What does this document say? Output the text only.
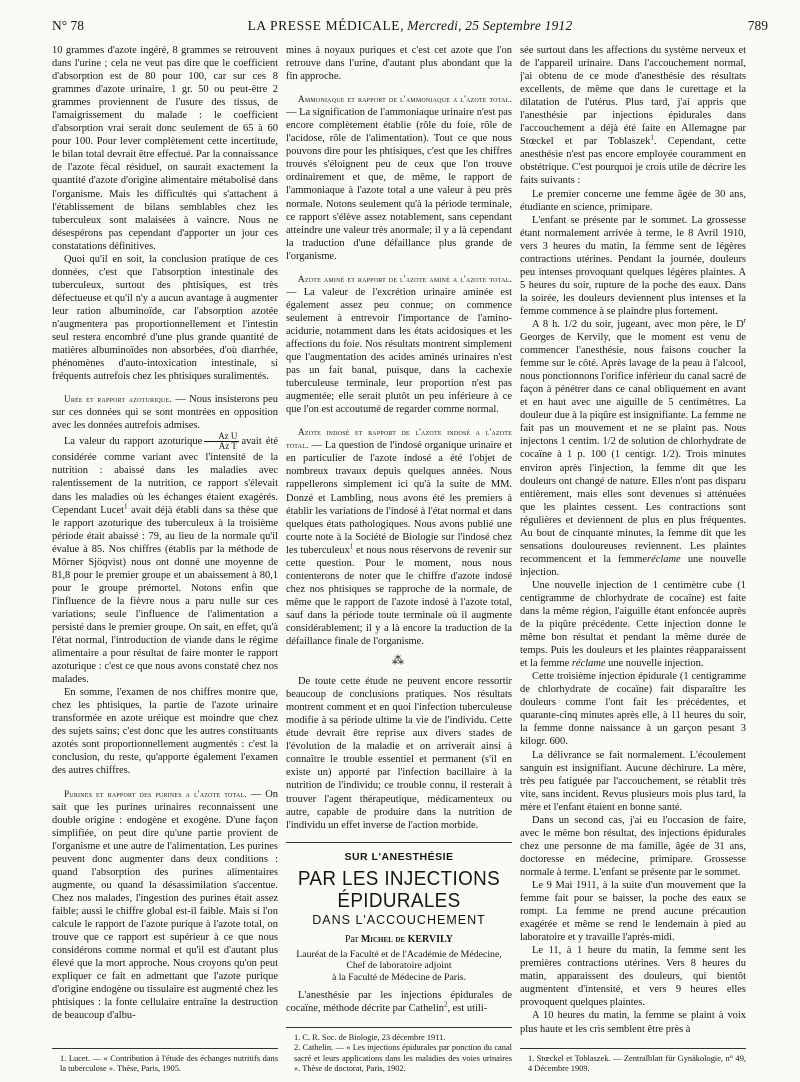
N° 78	LA PRESSE MÉDICALE, Mercredi, 25 Septembre 1912	789

10 grammes d'azote ingéré, 8 grammes se retrouvent dans l'urine ; cela ne veut pas dire que le coefficient d'absorption est de 80 pour 100, car sur ces 8 grammes d'azote urinaire, 1 gr. 50 ou peut-être 2 grammes proviennent de l'usure des tissus, de l'amaigrissement du malade : le coefficient d'absorption vrai serait donc seulement de 65 à 60 pour 100. Pour lever complètement cette incertitude, le bilan total devrait être effectué. Par la connaissance de l'azote fécal résiduel, on saurait exactement la quantité d'azote d'origine alimentaire métabolisé dans l'organisme. Mais les difficultés qui s'attachent à l'établissement de bilans semblables chez les tuberculeux sont malaisées à vaincre. Nous ne désespérons pas cependant d'apporter un jour ces constatations définitives.

Quoi qu'il en soit, la conclusion pratique de ces données, c'est que l'absorption intestinale des tuberculeux, surtout des phtisiques, est très défectueuse et qu'il n'y a aucun avantage à augmenter leur ration albuminoïde, car l'absorption azotée n'augmentera pas proportionnellement et l'intestin seul restera encombré d'une plus grande quantité de matières albuminoïdes non absorbées, d'où diarrhée, phénomènes d'auto-intoxication intestinale, si fréquents autrefois chez les phtisiques suralimentés.

Urée et rapport azoturique. — Nous insisterons peu sur ces données qui se sont montrées en opposition avec les données autrefois admises.

La valeur du rapport azoturique $\frac{\text{Az U}}{\text{Az T}}$ avait été considérée comme variant avec l'intensité de la nutrition : abaissé dans les maladies avec ralentissement de la nutrition, ce rapport s'élevait dans les maladies où les échanges étaient exagérés. Cependant Lucet$^1$ avait déjà établi dans sa thèse que le rapport azoturique des tuberculeux à la troisième période était abaissé : 79, au lieu de la normale qu'il évalue à 85. Nos chiffres (établis par la méthode de Mörner Sjöqvist) nous ont donné une moyenne de 81,8 pour le premier groupe et un abaissement à 80,1 pour le groupe prémortel. Notons enfin que l'influence de la fièvre nous a paru nulle sur ces variations; seule l'influence de l'alimentation a persisté dans le premier groupe. On sait, en effet, qu'à l'état normal, l'introduction de viande dans le régime alimentaire a pour résultat de faire monter le rapport azoturique : c'est ce que nous avons constaté chez nos malades.

En somme, l'examen de nos chiffres montre que, chez les phtisiques, la partie de l'azote urinaire transformée en azote uréique est moindre que chez des sujets sains; c'est donc que les autres constituants azotés sont proportionnellement augmentés : c'est la conclusion, du reste, qu'apporte également l'examen des autres chiffres.

Purines et rapport des purines a l'azote total. — On sait que les purines urinaires reconnaissent une double origine : endogène et exogène. D'une façon simplifiée, on peut dire qu'une partie provient de l'organisme et une autre de l'alimentation. Les purines peuvent donc augmenter dans deux conditions : quand l'absorption des purines alimentaires augmente, ou quand la désassimilation s'accentue. Chez nos malades, l'ingestion des purines était assez faible; aussi le chiffre global est-il faible. Mais si l'on calcule le rapport de l'azote purique à l'azote total, on trouve que ce rapport est supérieur à ce que nous considérons comme normal et qu'il est d'autant plus élevé que la mort approche. Nous croyons qu'on peut expliquer ce fait en admettant que l'azote purique d'origine endogène ou tissulaire est augmenté chez les phtisiques : la fonte cellulaire entraîne la destruction de beaucoup d'albu-

1. Lucet. — « Contribution à l'étude des échanges nutritifs dans la tuberculose ». Thèse, Paris, 1905.

mines à noyaux puriques et c'est cet azote que l'on retrouve dans l'urine, d'autant plus abondant que la fin approche.

Ammoniaque et rapport de l'ammoniaque a l'azote total. — La signification de l'ammoniaque urinaire n'est pas encore complètement établie (rôle du foie, rôle de l'acidose, rôle de l'alimentation). Tout ce que nous pouvons dire pour les phtisiques, c'est que les chiffres trouvés s'éloignent peu de ceux que l'on trouve ordinairement et que, de même, le rapport de l'ammoniaque à l'azote total a une valeur à peu près normale. Notons seulement qu'à la période terminale, ce rapport s'élève assez notablement, sans cependant atteindre une valeur très anormale; il y a là cependant la traduction d'une défaillance plus grande de l'organisme.

Azote aminé et rapport de l'azote aminé a l'azote total. — La valeur de l'excrétion urinaire aminée est également assez peu connue; on commence seulement à entrevoir l'importance de l'amino-acidurie, notamment dans les états acidosiques et les affections du foie. Nos résultats montrent simplement que l'augmentation des acides aminés urinaires n'est pas un fait banal, puisque, dans la cachexie tuberculeuse terminale, leur proportion n'est pas augmentée; elle serait plutôt un peu inférieure à ce que l'on est accoutumé de regarder comme normal.

Azote indosé et rapport de l'azote indosé a l'azote total. — La question de l'indosé organique urinaire et en particulier de l'azote indosé a été l'objet de nombreux travaux depuis quelques années. Nous rappellerons simplement ici qu'à la suite de MM. Donzé et Lambling, nous avons été les premiers à établir les variations de l'indosé à l'état normal et dans quelques états pathologiques. Nous avons publié une courte note à la Société de Biologie sur l'indosé chez les tuberculeux$^1$ et nous nous réservons de revenir sur cette question. Pour le moment, nous nous contenterons de noter que le chiffre d'azote indosé chez nos phtisiques se rapproche de la normale, de même que le rapport de l'azote indosé à l'azote total, sauf dans la période toute terminale où il augmente considérablement; il y a là encore la traduction de la défaillance finale de l'organisme.

⁂

De toute cette étude ne peuvent encore ressortir beaucoup de conclusions pratiques. Nos résultats montrent comment et en quoi l'infection tuberculeuse modifie à sa période ultime la vie de l'individu. Cette étude devrait être reprise aux divers stades de l'évolution de la maladie et on arriverait ainsi à connaître le trouble essentiel et permanent (s'il en existe un) apporté par l'infection bacillaire à la nutrition de l'individu; ce trouble connu, il resterait à trouver l'agent thérapeutique, médicamenteux ou autre, capable de produire dans la nutrition de l'individu un effet inverse de l'action morbide.

SUR L'ANESTHÉSIE
PAR LES INJECTIONS ÉPIDURALES
DANS L'ACCOUCHEMENT
Par Michel de KERVILY
Lauréat de la Faculté et de l'Académie de Médecine,
Chef de laboratoire adjoint
à la Faculté de Médecine de Paris.

L'anesthésie par les injections épidurales de cocaïne, méthode décrite par Cathelin$^2$, est utili-

1. C. R. Soc. de Biologie, 23 décembre 1911.

2. Cathelin. — « Les injections épidurales par ponction du canal sacré et leurs applications dans les maladies des voies urinaires ». Thèse de doctorat, Paris, 1902.

sée surtout dans les affections du système nerveux et de l'appareil urinaire. Dans l'accouchement normal, j'ai obtenu de ce mode d'anesthésie des résultats excellents, de même que dans le curettage et la dilatation de l'utérus. Plus tard, j'ai appris que l'anesthésie par injections épidurales dans l'accouchement a déjà été faite en Allemagne par Stœckel et par Toblaszek$^1$. Cependant, cette anesthésie n'est pas encore employée couramment en obstétrique. C'est pourquoi je crois utile de décrire les faits suivants :

Le premier concerne une femme âgée de 30 ans, étudiante en science, primipare.

L'enfant se présente par le sommet. La grossesse étant normalement arrivée à terme, le 8 Avril 1910, vers 3 heures du matin, la femme sent de légères contractions utérines. Pendant la journée, douleurs peu intenses provoquant quelques légères plaintes. A 5 heures du soir, rupture de la poche des eaux. Dans la soirée, les douleurs deviennent plus intenses et la femme commence à se plaindre plus fortement.

A 8 h. 1/2 du soir, jugeant, avec mon père, le $D^r$ Georges de Kervily, que le moment est venu de commencer l'anesthésie, nous faisons coucher la femme sur le côté. Après lavage de la peau à l'alcool, nous ponctionnons l'orifice inférieur du canal sacré de façon à pénétrer dans ce canal obliquement en avant et en haut avec une aiguille de 5 centimètres. La douleur due à la piqûre est insignifiante. La femme ne fait pas un mouvement et ne se plaint pas. Nous injectons 1 centim. 1/2 de solution de chlorhydrate de cocaïne à 1 p. 100 (1 centigr. 1/2). Trois minutes environ après l'injection, la femme dit que les douleurs ont changé de nature. Elles n'ont pas disparu entièrement, mais elles sont devenues si atténuées que les plaintes cessent. Les contractions sont régulières et deviennent de plus en plus fréquentes. Au bout de cinquante minutes, la femme dit que les sensations douloureuses reviennent. Les plaintes recommencent et la femmeréclame une nouvelle injection.

Une nouvelle injection de 1 centimètre cube (1 centigramme de chlorhydrate de cocaïne) est faite dans la même région, l'aiguille étant enfoncée auprès de la piqûre précédente. Cette injection donne le même bon résultat et pendant la même durée de temps. Puis les douleurs et les plaintes réapparaissent et la femme réclame une nouvelle injection.

Cette troisième injection épidurale (1 centigramme de chlorhydrate de cocaïne) fait disparaître les douleurs comme l'ont fait les précédentes, et quarante-cinq minutes après elle, à 11 heures du soir, la femme donne naissance à un garçon pesant 3 kilogr. 600.

La délivrance se fait normalement. L'écoulement sanguin est insignifiant. Aucune déchirure. La mère, très peu fatiguée par l'accouchement, se rétablit très vite, sans incident. Revus plusieurs mois plus tard, la mère et l'enfant étaient en bonne santé.

Dans un second cas, j'ai eu l'occasion de faire, avec le même bon résultat, des injections épidurales chez une personne de ma famille, âgée de 31 ans, doctoresse en médecine, primipare. Grossesse normale à terme. L'enfant se présente par le sommet.

Le 9 Mai 1911, à la suite d'un mouvement que la femme fait pour se baisser, la poche des eaux se rompt. La femme ne prend aucune précaution exagérée et même se rend le lendemain à pied au laboratoire et y travaille l'après-midi.

Le 11, à 1 heure du matin, la femme sent les premières contractions utérines. Vers 8 heures du matin, apparaissent des douleurs, qui bientôt augmentent d'intensité, et vers 9 heures elles provoquent quelques plaintes.

A 10 heures du matin, la femme se plaint à voix plus haute et les cris semblent être près à

1. Stœckel et Toblaszek. — Zentralblatt für Gynäkologie, n° 49, 4 Décembre 1909.
